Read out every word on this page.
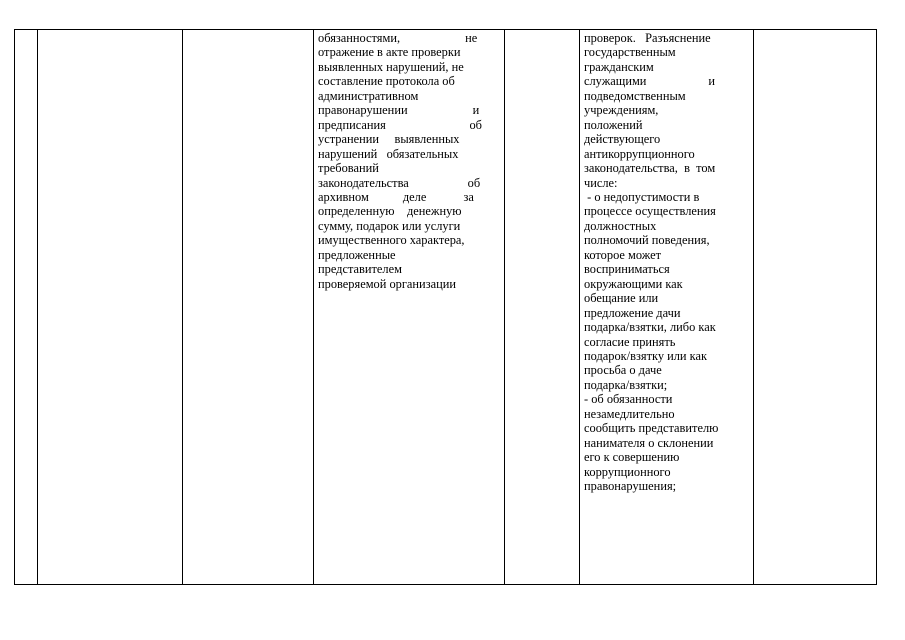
обязанностями,                     не
отражение в акте проверки
выявленных нарушений, не
составление протокола об
административном
правонарушении                     и
предписания                           об
устранении     выявленных
нарушений   обязательных
требований
законодательства                   об
архивном           деле            за
определенную    денежную
сумму, подарок или услуги
имущественного характера,
предложенные
представителем
проверяемой организации

проверок.   Разъяснение
государственным
гражданским
служащими                    и
подведомственным
учреждениям,
положений
действующего
антикоррупционного
законодательства,  в  том
числе:
- о недопустимости в
процессе осуществления
должностных
полномочий поведения,
которое может
восприниматься
окружающими как
обещание или
предложение дачи
подарка/взятки, либо как
согласие принять
подарок/взятку или как
просьба о даче
подарка/взятки;
- об обязанности
незамедлительно
сообщить представителю
нанимателя о склонении
его к совершению
коррупционного
правонарушения;
